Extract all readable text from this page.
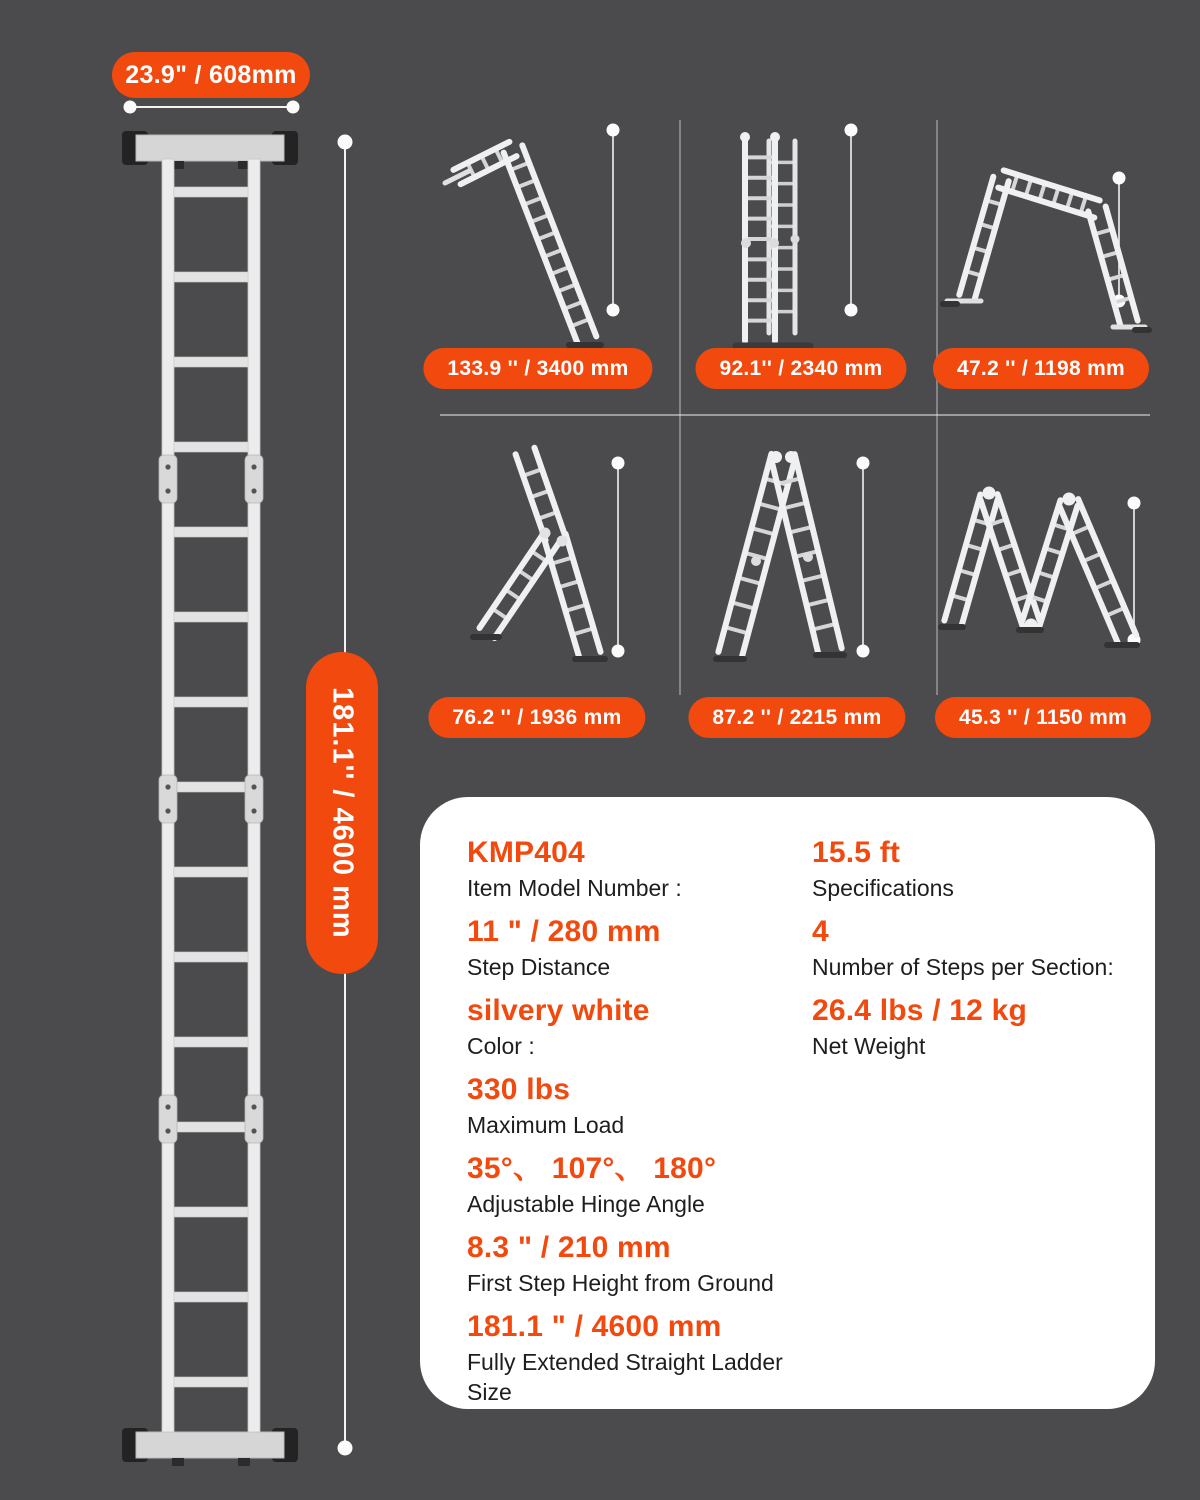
23.9" / 608mm
181.1'' / 4600 mm
133.9 '' / 3400 mm	92.1'' / 2340 mm	47.2 '' / 1198 mm
76.2 '' / 1936 mm	87.2 '' / 2215 mm	45.3 '' / 1150 mm
KMP404
Item Model Number :
11 " / 280 mm
Step Distance
silvery white
Color :
330 lbs
Maximum Load
35°、 107°、 180°
Adjustable Hinge Angle
8.3 " / 210 mm
First Step Height from Ground
181.1 " / 4600 mm
Fully Extended Straight Ladder Size
15.5 ft
Specifications
4
Number of Steps per Section:
26.4 lbs / 12 kg
Net Weight
